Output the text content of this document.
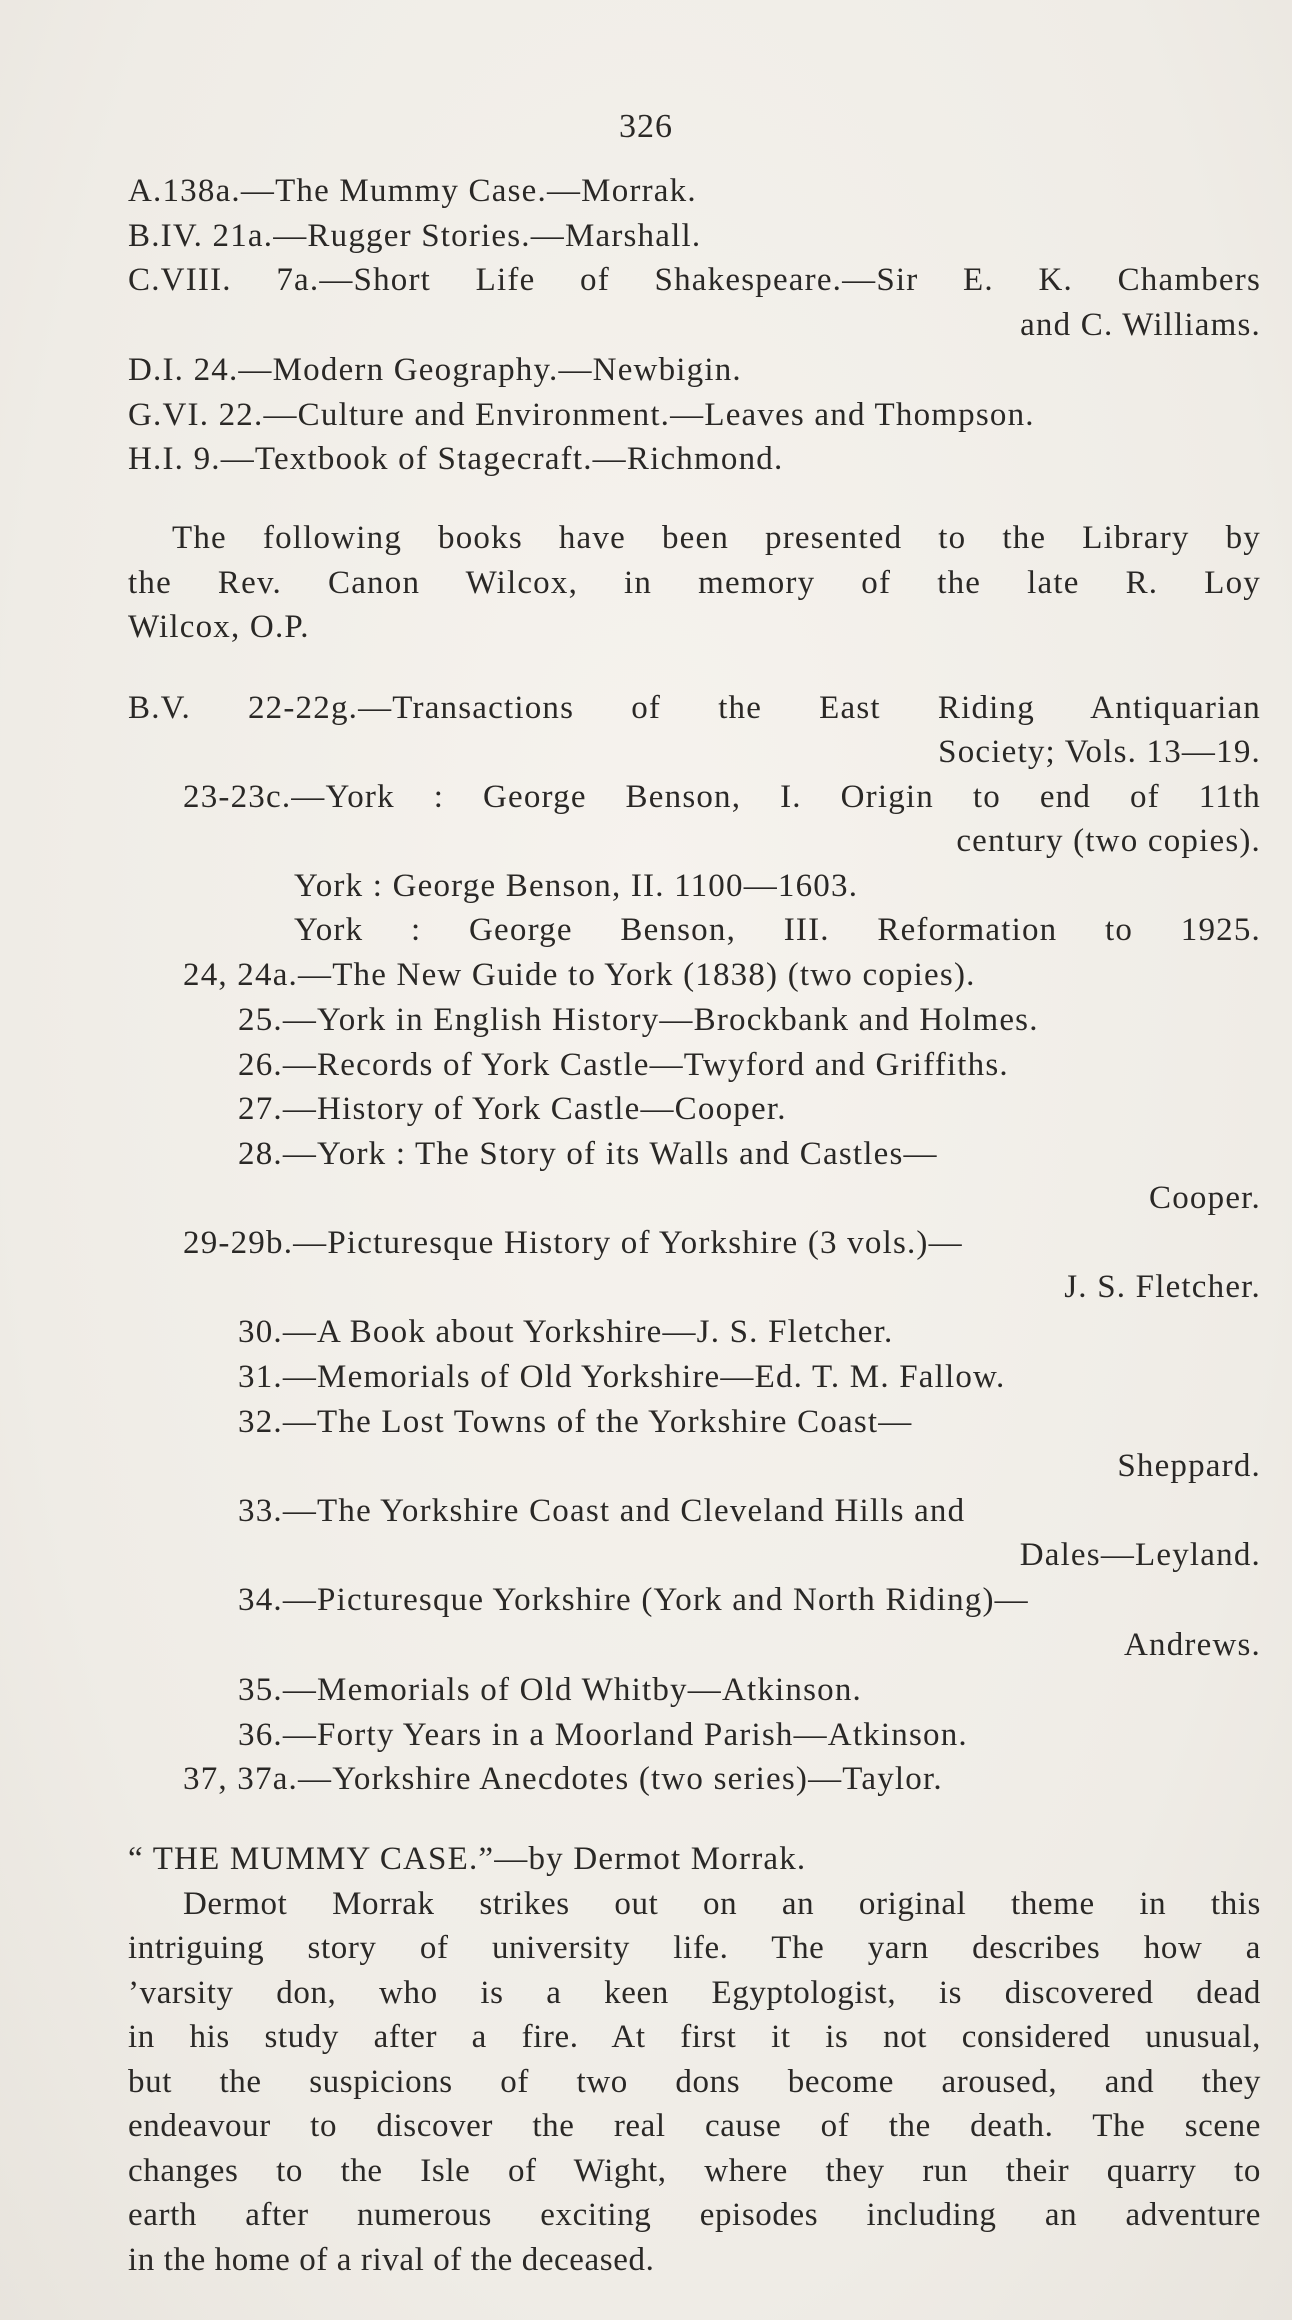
326
A.138a.—The Mummy Case.—Morrak.
B.IV. 21a.—Rugger Stories.—Marshall.
C.VIII. 7a.—Short Life of Shakespeare.—Sir E. K. Chambers
and C. Williams.
D.I. 24.—Modern Geography.—Newbigin.
G.VI. 22.—Culture and Environment.—Leaves and Thompson.
H.I. 9.—Textbook of Stagecraft.—Richmond.
The following books have been presented to the Library by
the Rev. Canon Wilcox, in memory of the late R. Loy
Wilcox, O.P.
B.V. 22-22g.—Transactions of the East Riding Antiquarian
Society; Vols. 13—19.
23-23c.—York : George Benson, I. Origin to end of 11th
century (two copies).
York : George Benson, II. 1100—1603.
York : George Benson, III. Reformation to 1925.
24, 24a.—The New Guide to York (1838) (two copies).
25.—York in English History—Brockbank and Holmes.
26.—Records of York Castle—Twyford and Griffiths.
27.—History of York Castle—Cooper.
28.—York : The Story of its Walls and Castles—
Cooper.
29-29b.—Picturesque History of Yorkshire (3 vols.)—
J. S. Fletcher.
30.—A Book about Yorkshire—J. S. Fletcher.
31.—Memorials of Old Yorkshire—Ed. T. M. Fallow.
32.—The Lost Towns of the Yorkshire Coast—
Sheppard.
33.—The Yorkshire Coast and Cleveland Hills and
Dales—Leyland.
34.—Picturesque Yorkshire (York and North Riding)—
Andrews.
35.—Memorials of Old Whitby—Atkinson.
36.—Forty Years in a Moorland Parish—Atkinson.
37, 37a.—Yorkshire Anecdotes (two series)—Taylor.
“ THE MUMMY CASE.”—by Dermot Morrak.
Dermot Morrak strikes out on an original theme in this
intriguing story of university life. The yarn describes how a
’varsity don, who is a keen Egyptologist, is discovered dead
in his study after a fire. At first it is not considered unusual,
but the suspicions of two dons become aroused, and they
endeavour to discover the real cause of the death. The scene
changes to the Isle of Wight, where they run their quarry to
earth after numerous exciting episodes including an adventure
in the home of a rival of the deceased.
